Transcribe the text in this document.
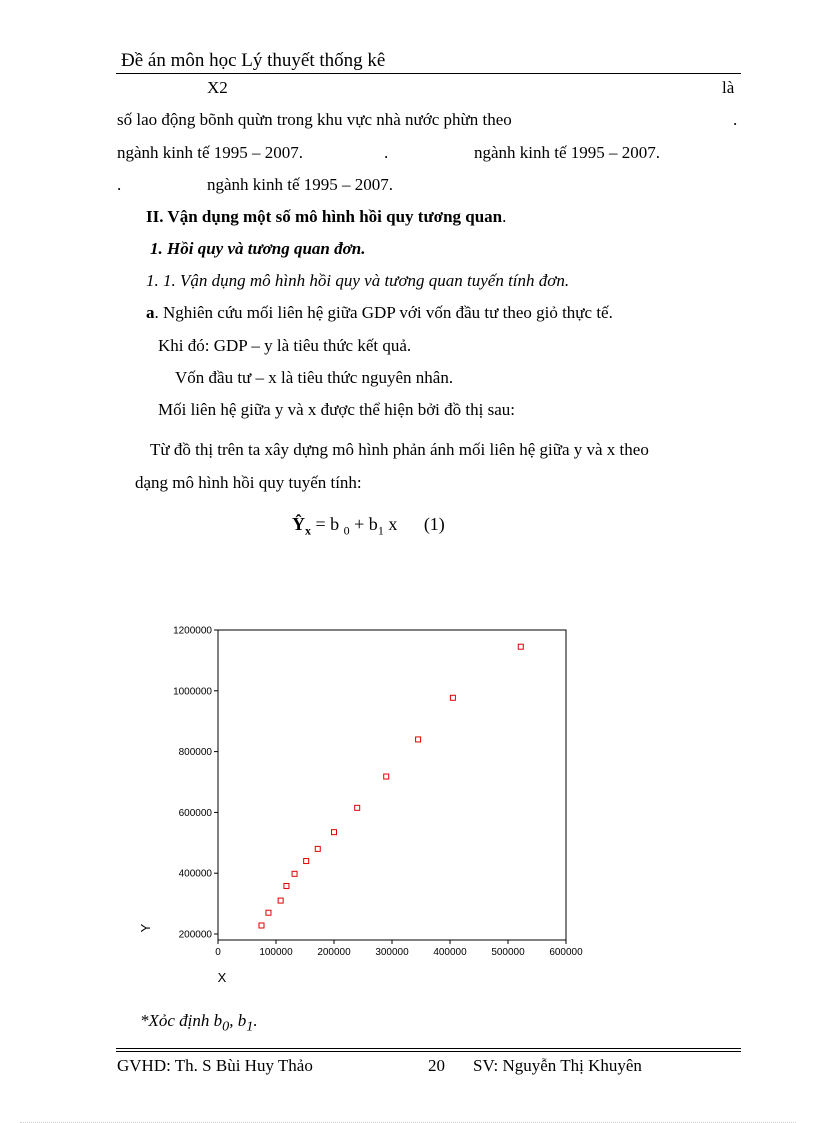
Đề án môn học Lý thuyết thống kê
X2	là
số lao động bõnh quừn trong khu vực nhà nước phừn theo	.
ngành kinh tế 1995 – 2007.	.	ngành kinh tế 1995 – 2007.
.	ngành kinh tế 1995 – 2007.
II. Vận dụng một số mô hình hồi quy tương quan.
1. Hồi quy và tương quan đơn.
1. 1. Vận dụng mô hình hồi quy và tương quan tuyến tính đơn.
a. Nghiên cứu mối liên hệ giữa GDP với vốn đầu tư theo giỏ thực tế.
Khi đó: GDP – y là tiêu thức kết quả.
Vốn đầu tư – x là tiêu thức nguyên nhân.
Mối liên hệ giữa y và x được thể hiện bởi đồ thị sau:
Từ đồ thị trên ta xây dựng mô hình phản ánh mối liên hệ giữa y và x theo
dạng mô hình hồi quy tuyến tính:
$Ŷ_x = b$ $_0 + b_1$ x (1)
0	100000 200000 300000 400000 500000 600000
200000
400000
600000
800000
1000000
1200000
X
Y
*Xỏc định $b_0$, $b_1$.
GVHD: Th. S Bùi Huy Thảo	20 SV: Nguyễn Thị Khuyên
